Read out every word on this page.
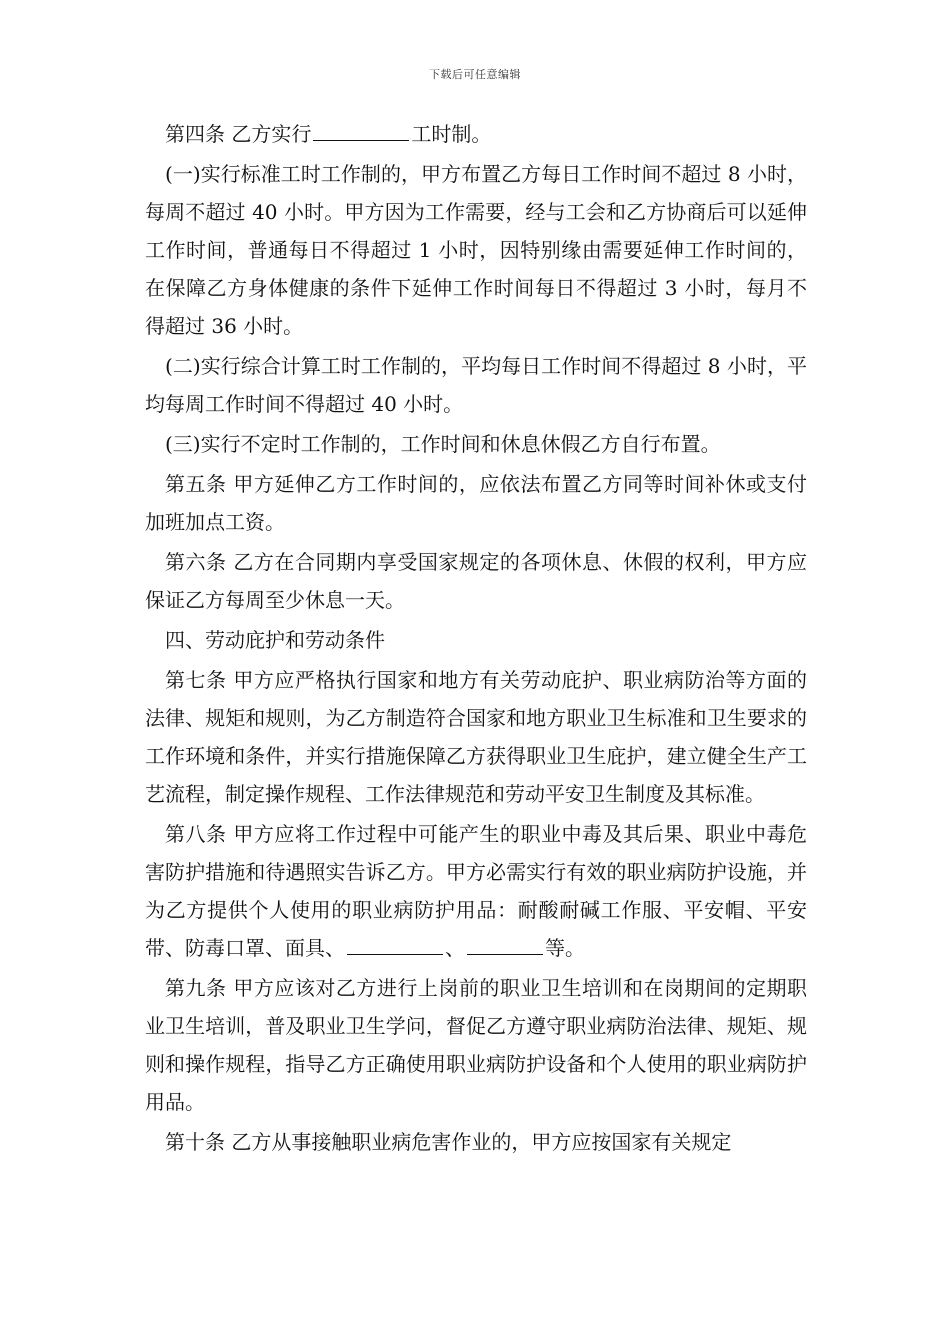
下载后可任意编辑

第四条 乙方实行	工时制。

(一)实行标准工时工作制的，甲方布置乙方每日工作时间不超过 8 小时，每周不超过 40 小时。甲方因为工作需要，经与工会和乙方协商后可以延伸工作时间，普通每日不得超过 1 小时，因特别缘由需要延伸工作时间的，在保障乙方身体健康的条件下延伸工作时间每日不得超过 3 小时，每月不得超过 36 小时。

(二)实行综合计算工时工作制的，平均每日工作时间不得超过 8 小时，平均每周工作时间不得超过 40 小时。

(三)实行不定时工作制的，工作时间和休息休假乙方自行布置。

第五条 甲方延伸乙方工作时间的，应依法布置乙方同等时间补休或支付加班加点工资。

第六条 乙方在合同期内享受国家规定的各项休息、休假的权利，甲方应保证乙方每周至少休息一天。

四、劳动庇护和劳动条件

第七条 甲方应严格执行国家和地方有关劳动庇护、职业病防治等方面的法律、规矩和规则，为乙方制造符合国家和地方职业卫生标准和卫生要求的工作环境和条件，并实行措施保障乙方获得职业卫生庇护，建立健全生产工艺流程，制定操作规程、工作法律规范和劳动平安卫生制度及其标准。

第八条 甲方应将工作过程中可能产生的职业中毒及其后果、职业中毒危害防护措施和待遇照实告诉乙方。甲方必需实行有效的职业病防护设施，并为乙方提供个人使用的职业病防护用品：耐酸耐碱工作服、平安帽、平安带、防毒口罩、面具、	、	等。

第九条 甲方应该对乙方进行上岗前的职业卫生培训和在岗期间的定期职业卫生培训，普及职业卫生学问，督促乙方遵守职业病防治法律、规矩、规则和操作规程，指导乙方正确使用职业病防护设备和个人使用的职业病防护用品。

第十条 乙方从事接触职业病危害作业的，甲方应按国家有关规定
